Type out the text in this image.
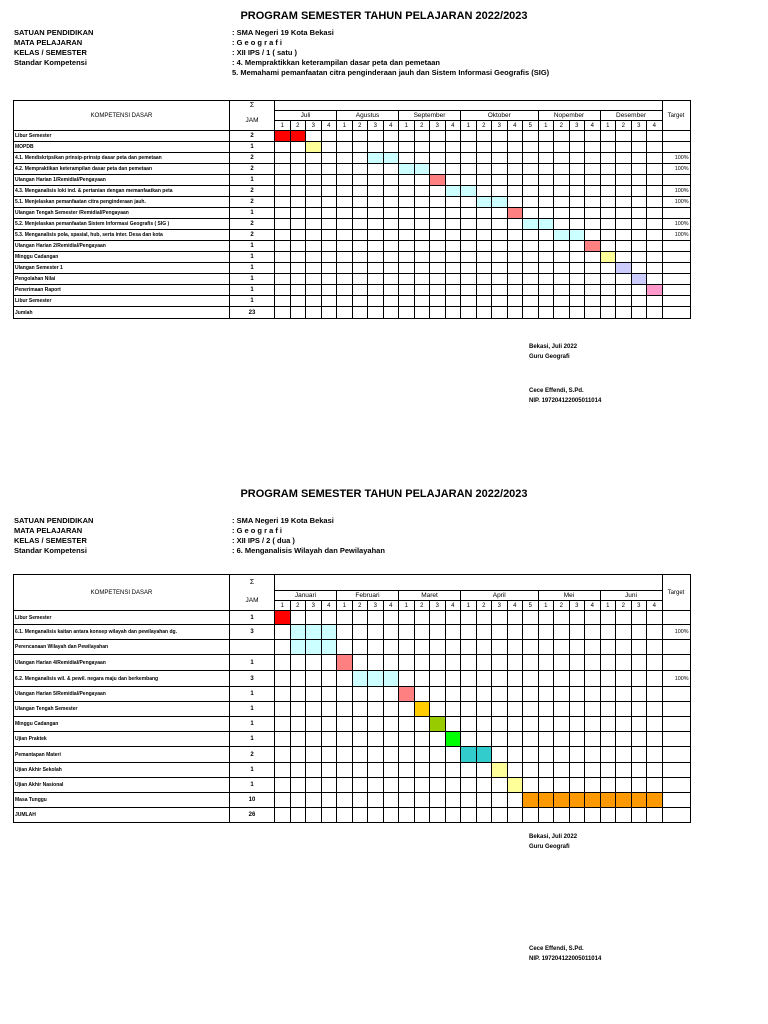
PROGRAM SEMESTER TAHUN PELAJARAN 2022/2023
SATUAN PENDIDIKAN	: SMA Negeri 19 Kota Bekasi
MATA PELAJARAN	: G e o g r a f i
KELAS / SEMESTER	: XII IPS / 1 ( satu )
Standar Kompetensi	: 4. Mempraktikkan keterampilan dasar peta dan pemetaan
5. Memahami pemanfaatan citra penginderaan jauh dan Sistem Informasi Geografis (SIG)
KOMPETENSI DASAR	Σ																										Target
	JAM	Juli				Agustus				September				Oktober					Nopember				Desember				
		1	2	3	4	1	2	3	4	1	2	3	4	1	2	3	4	5	1	2	3	4	1	2	3	4	
Libur Semester	2																										
MOPDB	1																										
4.1. Mendiskripsikan prinsip-prinsip dasar peta dan pemetaan	2																										100%
4.2. Mempraktikan keterampilan dasar peta dan pemetaan	2																										100%
Ulangan Harian 1/Remidial/Pengayaan	1																										
4.3. Menganalisis loki ind. & pertanian dengan memanfaatkan peta	2																										100%
5.1. Menjelaskan pemanfaatan citra penginderaan jauh.	2																										100%
Ulangan Tengah Semester /Remidial/Pengayaan	1																										
5.2. Menjelaskan pemanfaatan Sistem Informasi Geografis ( SIG )	2																										100%
5.3. Menganalisis pola, spasial, hub, serta inter. Desa dan kota	2																										100%
Ulangan Harian 2/Remidial/Pengayaan	1																										
Minggu Cadangan	1																										
Ulangan Semester 1	1																										
Pengolahan Nilai	1																										
Penerimaan Raport	1																										
Libur Semester	1																										
Jumlah	23																										
Bekasi, Juli 2022
Guru Geografi
Cece Effendi, S.Pd.
NIP. 197204122005011014
PROGRAM SEMESTER TAHUN PELAJARAN 2022/2023
SATUAN PENDIDIKAN	: SMA Negeri 19 Kota Bekasi
MATA PELAJARAN	: G e o g r a f i
KELAS / SEMESTER	: XII IPS / 2 ( dua )
Standar Kompetensi	: 6. Menganalisis Wilayah dan Pewilayahan
KOMPETENSI DASAR	Σ																										Target
	JAM	Januari				Februari				Maret				April					Mei				Juni				
		1	2	3	4	1	2	3	4	1	2	3	4	1	2	3	4	5	1	2	3	4	1	2	3	4	
Libur Semester	1																										
6.1. Menganalisis kaitan antara konsep wilayah dan pewilayahan dg.	3																										100%
Perencanaan Wilayah dan Pewilayahan																											
Ulangan Harian 4/Remidial/Pengayaan	1																										
6.2. Menganalisis wil. & pewil. negara maju dan berkembang	3																										100%
Ulangan Harian 5/Remidial/Pengayaan	1																										
Ulangan Tengah Semester	1																										
Minggu Cadangan	1																										
Ujian Praktek	1																										
Pemantapan Materi	2																										
Ujian Akhir Sekolah	1																										
Ujian Akhir Nasional	1																										
Masa Tunggu	10																										
JUMLAH	26																										
Bekasi, Juli 2022
Guru Geografi
Cece Effendi, S.Pd.
NIP. 197204122005011014
